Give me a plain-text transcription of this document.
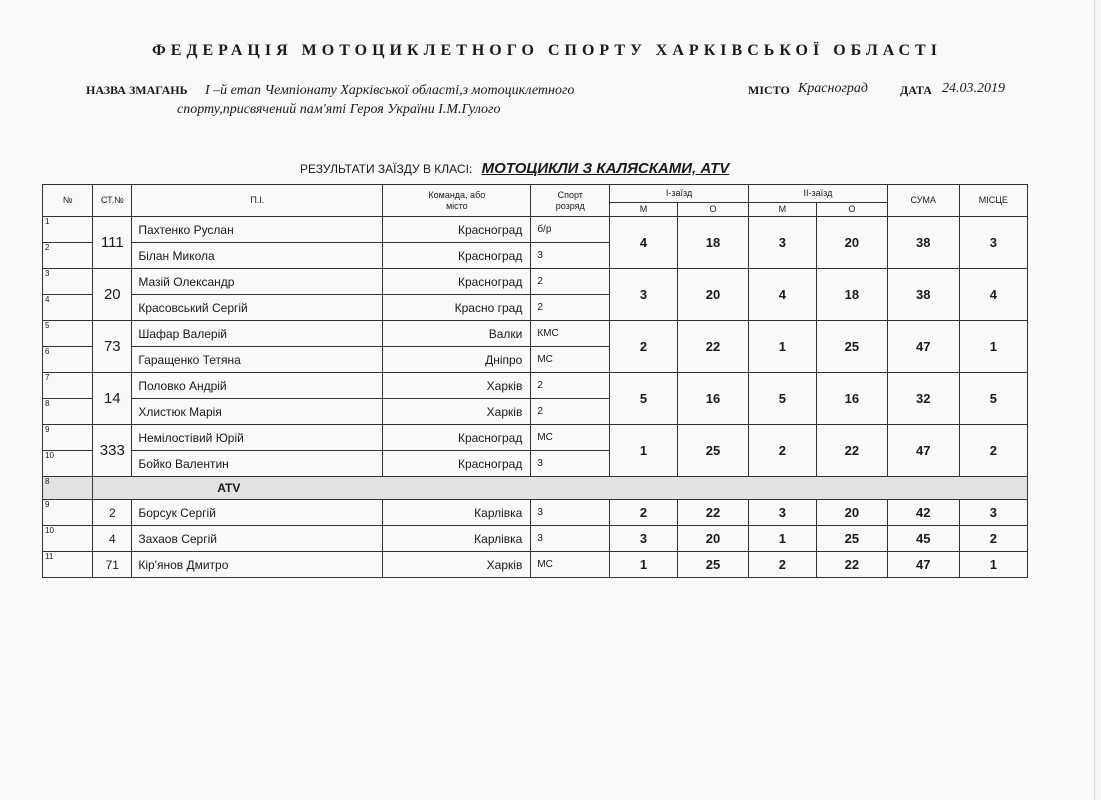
ФЕДЕРАЦІЯ МОТОЦИКЛЕТНОГО СПОРТУ ХАРКІВСЬКОЇ ОБЛАСТІ
НАЗВА ЗМАГАНЬ I –й етап Чемпіонату Харківської області,з мотоциклетного
спорту,присвячений пам'яті Героя України І.М.Гулого
МІСТО Красноград	ДАТА 24.03.2019
РЕЗУЛЬТАТИ ЗАЇЗДУ В КЛАСІ: МОТОЦИКЛИ З КАЛЯСКАМИ, ATV
№	СТ.№	П.І.	Команда, або місто	Спорт розряд	І-заїзд		ІІ-заїзд		СУМА	МІСЦЕ
					М	О	М	О		
1	111	Пахтенко Руслан	Красноград	б/р	4	18	3	20	38	3
2		Білан Микола	Красноград	3						
3	20	Мазій Олександр	Красноград	2	3	20	4	18	38	4
4		Красовський Сергій	Красно град	2						
5	73	Шафар Валерій	Валки	КМС	2	22	1	25	47	1
6		Гаращенко Тетяна	Дніпро	МС						
7	14	Половко Андрій	Харків	2	5	16	5	16	32	5
8		Хлистюк Марія	Харків	2						
9	333	Немілостівий Юрій	Красноград	МС	1	25	2	22	47	2
10		Бойко Валентин	Красноград	3						
8	ATV									
9	2	Борсук Сергій	Карлівка	3	2	22	3	20	42	3
10	4	Захаов Сергій	Карлівка	3	3	20	1	25	45	2
11	71	Кір'янов Дмитро	Харків	МС	1	25	2	22	47	1
